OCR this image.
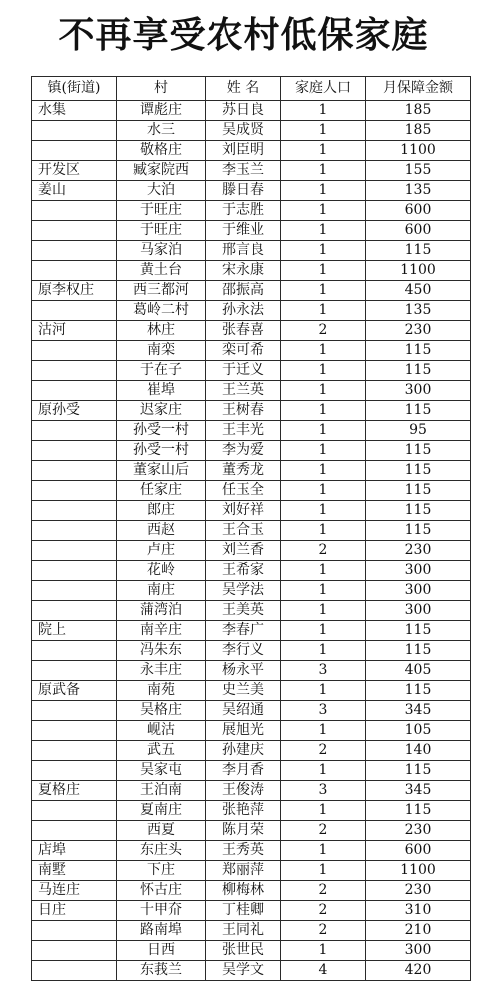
不再享受农村低保家庭
镇(街道)	村	姓 名	家庭人口	月保障金额
水集	谭彪庄	苏日良	1	185
	水三	吴成贤	1	185
	敬格庄	刘臣明	1	1100
开发区	臧家院西	李玉兰	1	155
姜山	大泊	滕日春	1	135
	于旺庄	于志胜	1	600
	于旺庄	于维业	1	600
	马家泊	邢言良	1	115
	黄土台	宋永康	1	1100
原李权庄	西三都河	邵振高	1	450
	葛岭二村	孙永法	1	135
沽河	林庄	张春喜	2	230
	南栾	栾可希	1	115
	于在子	于迁义	1	115
	崔埠	王兰英	1	300
原孙受	迟家庄	王树春	1	115
	孙受一村	王丰光	1	95
	孙受一村	李为爱	1	115
	董家山后	董秀龙	1	115
	任家庄	任玉全	1	115
	郎庄	刘好祥	1	115
	西赵	王合玉	1	115
	卢庄	刘兰香	2	230
	花岭	王希家	1	300
	南庄	吴学法	1	300
	蒲湾泊	王美英	1	300
院上	南辛庄	李春广	1	115
	冯朱东	李行义	1	115
	永丰庄	杨永平	3	405
原武备	南苑	史兰美	1	115
	吴格庄	吴绍通	3	345
	岘沽	展旭光	1	105
	武五	孙建庆	2	140
	吴家屯	李月香	1	115
夏格庄	王泊南	王俊涛	3	345
	夏南庄	张艳萍	1	115
	西夏	陈月荣	2	230
店埠	东庄头	王秀英	1	600
南墅	下庄	郑丽萍	1	1100
马连庄	怀古庄	柳梅林	2	230
日庄	十甲夼	丁桂卿	2	310
	路南埠	王同礼	2	210
	日西	张世民	1	300
	东莪兰	吴学文	4	420
